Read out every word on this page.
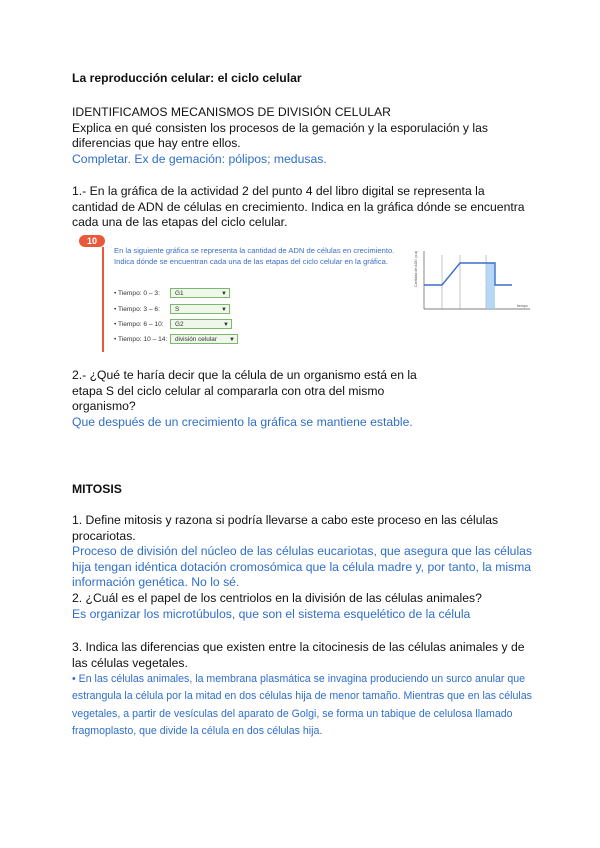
La reproducción celular: el ciclo celular

IDENTIFICAMOS MECANISMOS DE DIVISIÓN CELULAR

Explica en qué consisten los procesos de la gemación y la esporulación y las diferencias que hay entre ellos.

Completar. Ex de gemación: pólipos; medusas.

1.- En la gráfica de la actividad 2 del punto 4 del libro digital se representa la cantidad de ADN de células en crecimiento. Indica en la gráfica dónde se encuentra cada una de las etapas del ciclo celular.
10
En la siguiente gráfica se representa la cantidad de ADN de células en crecimiento. Indica dónde se encuentran cada una de las etapas del ciclo celular en la gráfica.
• Tiempo: 0 – 3:	G1	▼
• Tiempo: 3 – 6:	S	▼
• Tiempo: 6 – 10:	G2	▼
• Tiempo: 10 – 14:	división celular ▼
Cantidad de ADN (u.a)
tiempo

2.- ¿Qué te haría decir que la célula de un organismo está en la etapa S del ciclo celular al compararla con otra del mismo organismo?

Que después de un crecimiento la gráfica se mantiene estable.

MITOSIS

1. Define mitosis y razona si podría llevarse a cabo este proceso en las células procariotas.

Proceso de división del núcleo de las células eucariotas, que asegura que las células hija tengan idéntica dotación cromosómica que la célula madre y, por tanto, la misma información genética. No lo sé.

2. ¿Cuál es el papel de los centriolos en la división de las células animales?

Es organizar los microtúbulos, que son el sistema esquelético de la célula

3. Indica las diferencias que existen entre la citocinesis de las células animales y de las células vegetales.

• En las células animales, la membrana plasmática se invagina produciendo un surco anular que estrangula la célula por la mitad en dos células hija de menor tamaño. Mientras que en las células vegetales, a partir de vesículas del aparato de Golgi, se forma un tabique de celulosa llamado fragmoplasto, que divide la célula en dos células hija.
